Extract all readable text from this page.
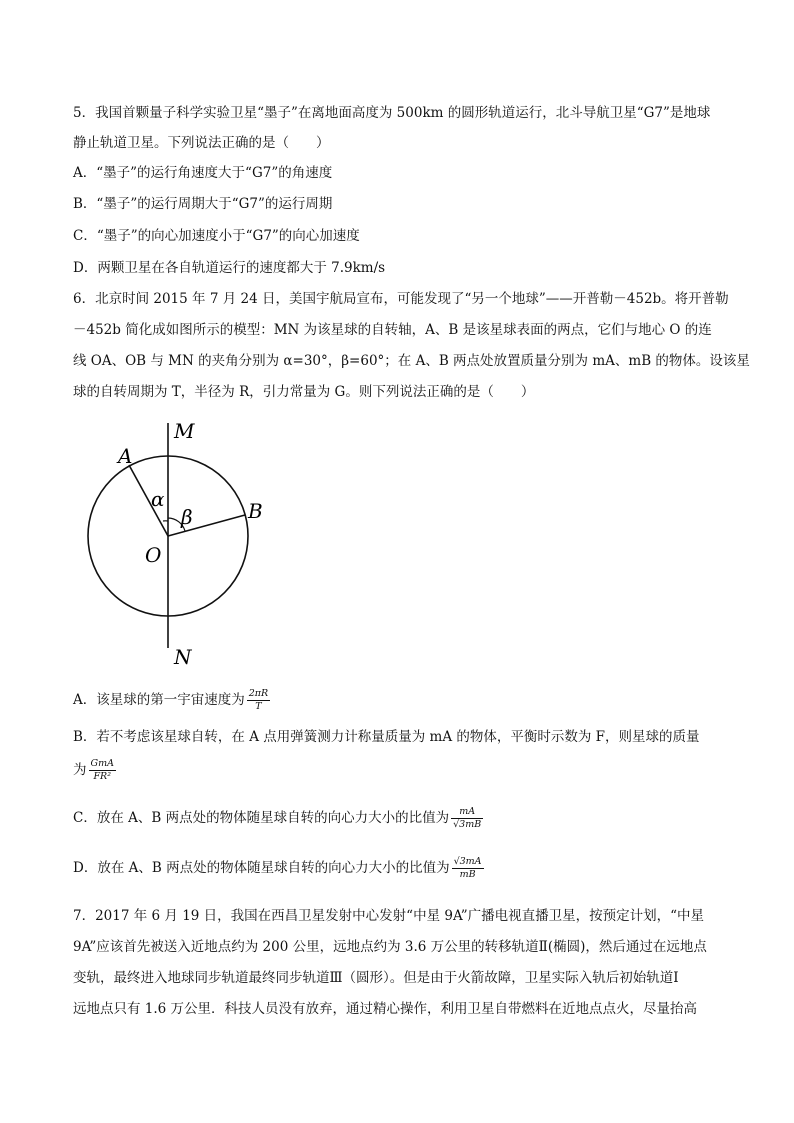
5．我国首颗量子科学实验卫星“墨子”在离地面高度为 500km 的圆形轨道运行，北斗导航卫星“G7”是地球
静止轨道卫星。下列说法正确的是（　　）
A．“墨子”的运行角速度大于“G7”的角速度
B．“墨子”的运行周期大于“G7”的运行周期
C．“墨子”的向心加速度小于“G7”的向心加速度
D．两颗卫星在各自轨道运行的速度都大于 7.9km/s
6．北京时间 2015 年 7 月 24 日，美国宇航局宣布，可能发现了“另一个地球”——开普勒－452b。将开普勒
－452b 简化成如图所示的模型：MN 为该星球的自转轴，A、B 是该星球表面的两点，它们与地心 O 的连
线 OA、OB 与 MN 的夹角分别为 α=30°，β=60°；在 A、B 两点处放置质量分别为 mA、mB 的物体。设该星
球的自转周期为 T，半径为 R，引力常量为 G。则下列说法正确的是（　　）
M
N
A
B
O
α
β
A．该星球的第一宇宙速度为 $\frac{2\pi R}{T}$
B．若不考虑该星球自转，在 A 点用弹簧测力计称量质量为 mA 的物体，平衡时示数为 F，则星球的质量
为 $\frac{\text{GmA}}{\text{FR²}}$
C．放在 A、B 两点处的物体随星球自转的向心力大小的比值为 $\frac{mA}{√3mB}$
D．放在 A、B 两点处的物体随星球自转的向心力大小的比值为 $\frac{√3mA}{mB}$
7．2017 年 6 月 19 日，我国在西昌卫星发射中心发射“中星 9A”广播电视直播卫星，按预定计划，“中星
9A”应该首先被送入近地点约为 200 公里，远地点约为 3.6 万公里的转移轨道Ⅱ(椭圆)，然后通过在远地点
变轨，最终进入地球同步轨道最终同步轨道Ⅲ（圆形）。但是由于火箭故障，卫星实际入轨后初始轨道Ⅰ
远地点只有 1.6 万公里．科技人员没有放弃，通过精心操作，利用卫星自带燃料在近地点点火，尽量抬高
